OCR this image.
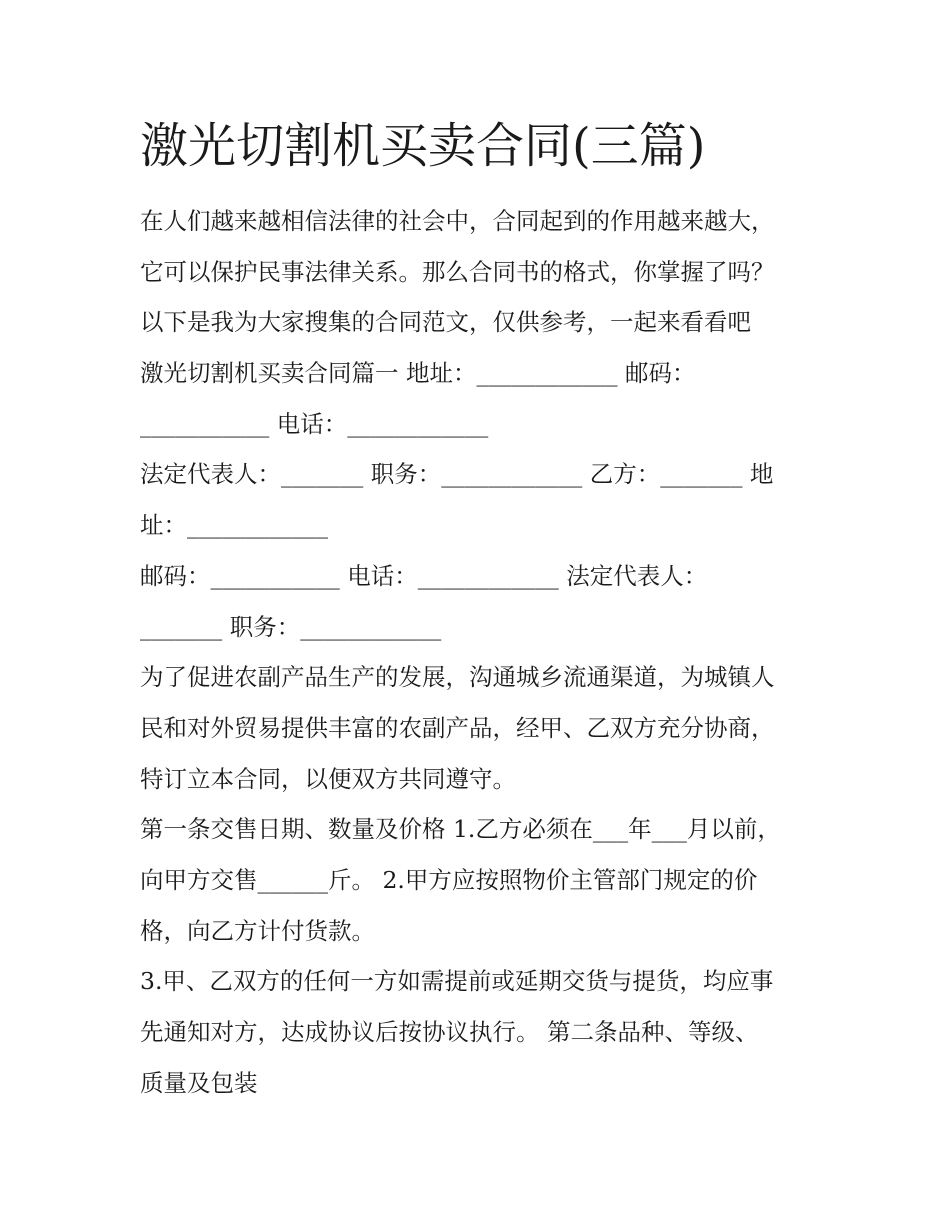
激光切割机买卖合同(三篇)
在人们越来越相信法律的社会中，合同起到的作用越来越大，
它可以保护民事法律关系。那么合同书的格式，你掌握了吗？
以下是我为大家搜集的合同范文，仅供参考，一起来看看吧
激光切割机买卖合同篇一 地址：____________ 邮码：
___________ 电话：____________
法定代表人：_______ 职务：____________ 乙方：_______ 地
址：____________
邮码：___________ 电话：____________ 法定代表人：
_______ 职务：____________
为了促进农副产品生产的发展，沟通城乡流通渠道，为城镇人
民和对外贸易提供丰富的农副产品，经甲、乙双方充分协商，
特订立本合同，以便双方共同遵守。
第一条交售日期、数量及价格 1.乙方必须在___年___月以前，
向甲方交售______斤。 2.甲方应按照物价主管部门规定的价
格，向乙方计付货款。
3.甲、乙双方的任何一方如需提前或延期交货与提货，均应事
先通知对方，达成协议后按协议执行。 第二条品种、等级、
质量及包装
